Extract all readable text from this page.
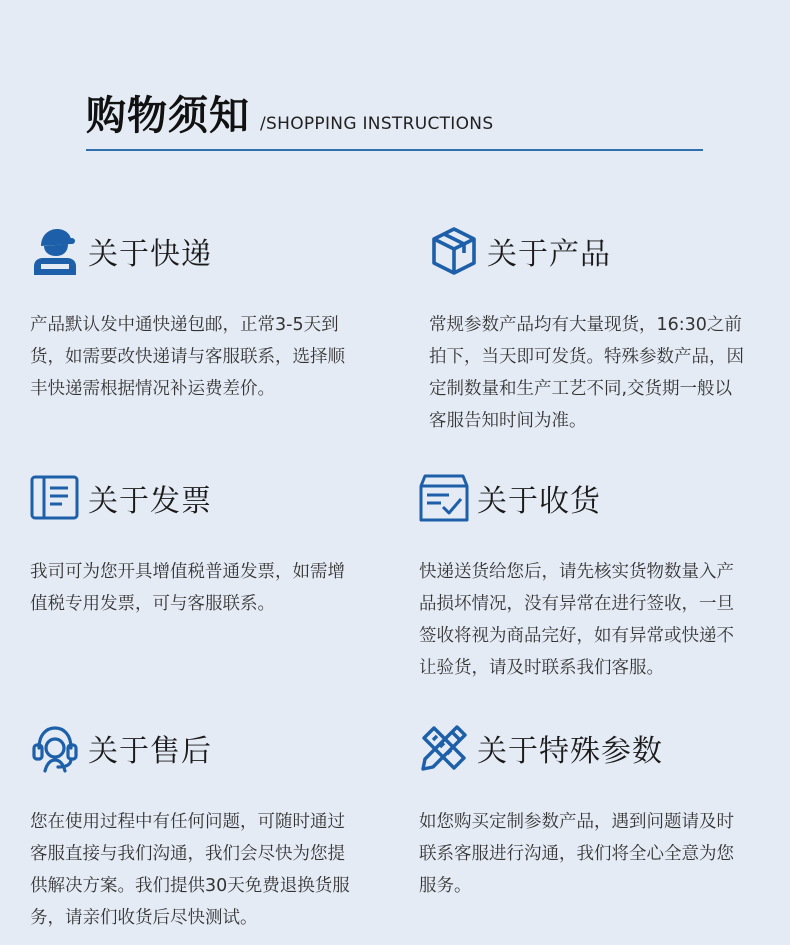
购物须知 /SHOPPING INSTRUCTIONS
关于快递
产品默认发中通快递包邮，正常3-5天到货，如需要改快递请与客服联系，选择顺丰快递需根据情况补运费差价。
关于产品
常规参数产品均有大量现货，16:30之前拍下，当天即可发货。特殊参数产品，因定制数量和生产工艺不同,交货期一般以客服告知时间为准。
关于发票
我司可为您开具增值税普通发票，如需增值税专用发票，可与客服联系。
关于收货
快递送货给您后，请先核实货物数量入产品损坏情况，没有异常在进行签收，一旦签收将视为商品完好，如有异常或快递不让验货，请及时联系我们客服。
关于售后
您在使用过程中有任何问题，可随时通过客服直接与我们沟通，我们会尽快为您提供解决方案。我们提供30天免费退换货服务，请亲们收货后尽快测试。
关于特殊参数
如您购买定制参数产品，遇到问题请及时联系客服进行沟通，我们将全心全意为您服务。
